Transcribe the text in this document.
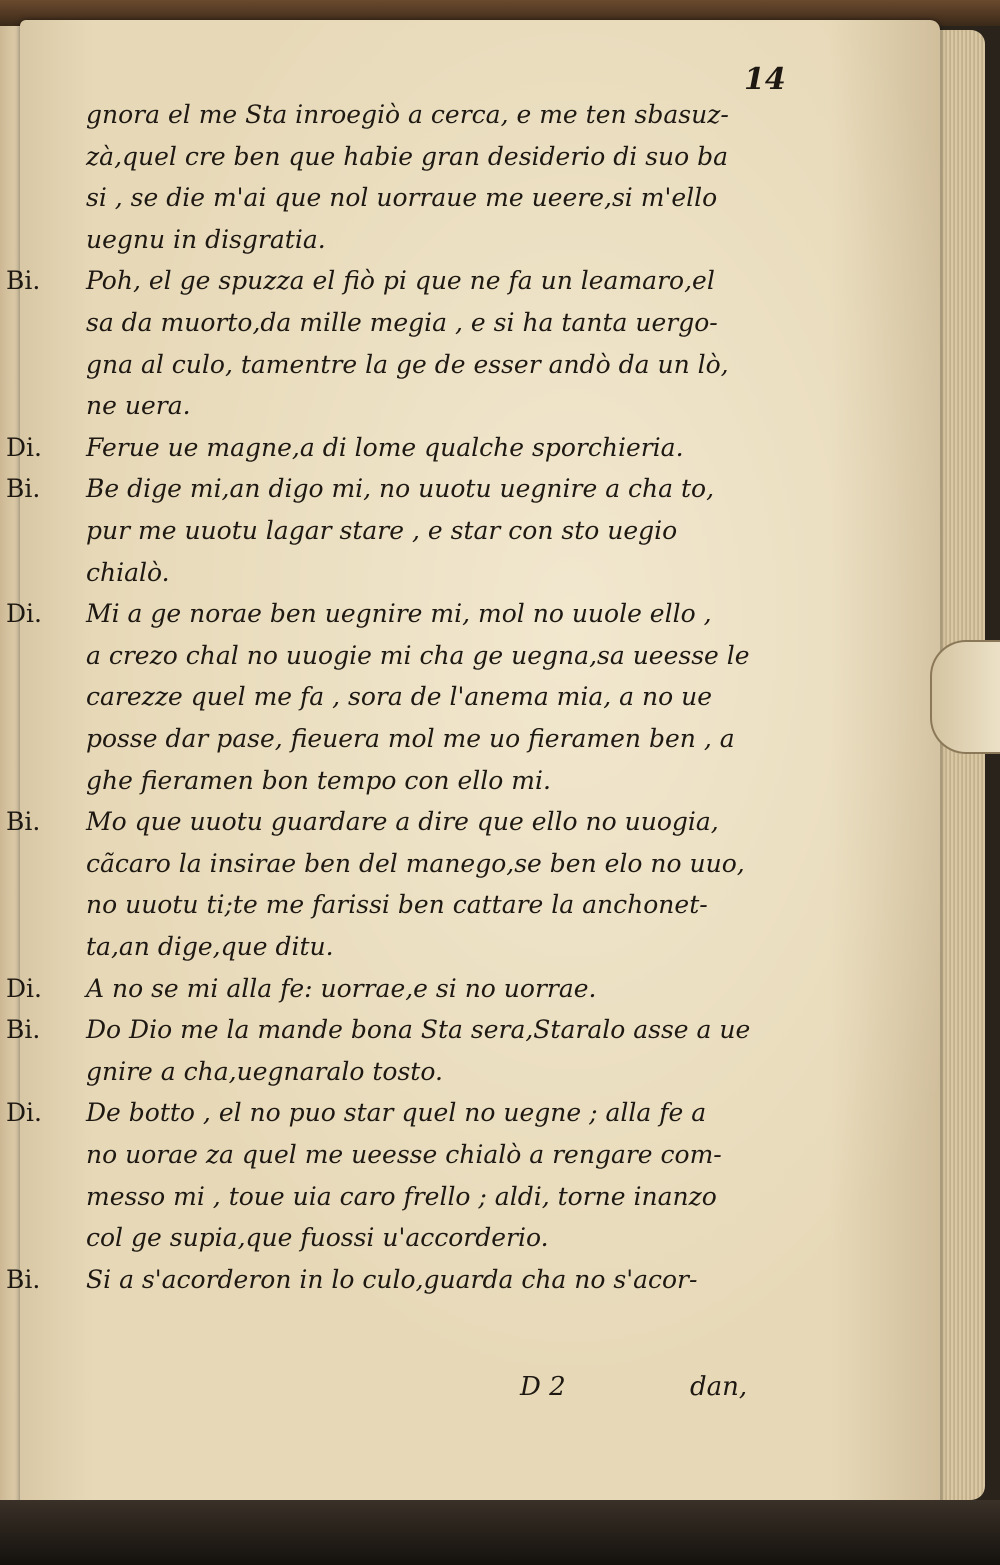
14
gnora el me Sta inroegiò a cerca, e me ten sbasuz-
zà,quel cre ben que habie gran desiderio di suo ba
si , se die m'ai que nol uorraue me ueere,si m'ello
uegnu in disgratia.
Bi. Poh, el ge spuzza el fiò pi que ne fa un leamaro,el
sa da muorto,da mille megia , e si ha tanta uergo-
gna al culo, tamentre la ge de esser andò da un lò,
ne uera.
Di. Ferue ue magne,a di lome qualche sporchieria.
Bi. Be dige mi,an digo mi, no uuotu uegnire a cha to,
pur me uuotu lagar stare , e star con sto uegio
chialò.
Di. Mi a ge norae ben uegnire mi, mol no uuole ello ,
a crezo chal no uuogie mi cha ge uegna,sa ueesse le
carezze quel me fa , sora de l'anema mia, a no ue
posse dar pase, fieuera mol me uo fieramen ben , a
ghe fieramen bon tempo con ello mi.
Bi. Mo que uuotu guardare a dire que ello no uuogia,
cãcaro la insirae ben del manego,se ben elo no uuo,
no uuotu ti;te me farissi ben cattare la anchonet-
ta,an dige,que ditu.
Di. A no se mi alla fe: uorrae,e si no uorrae.
Bi. Do Dio me la mande bona Sta sera,Staralo asse a ue
gnire a cha,uegnaralo tosto.
Di. De botto , el no puo star quel no uegne ; alla fe a
no uorae za quel me ueesse chialò a rengare com-
messo mi , toue uia caro frello ; aldi, torne inanzo
col ge supia,que fuossi u'accorderio.
Bi. Si a s'acorderon in lo culo,guarda cha no s'acor-
D 2	dan,
